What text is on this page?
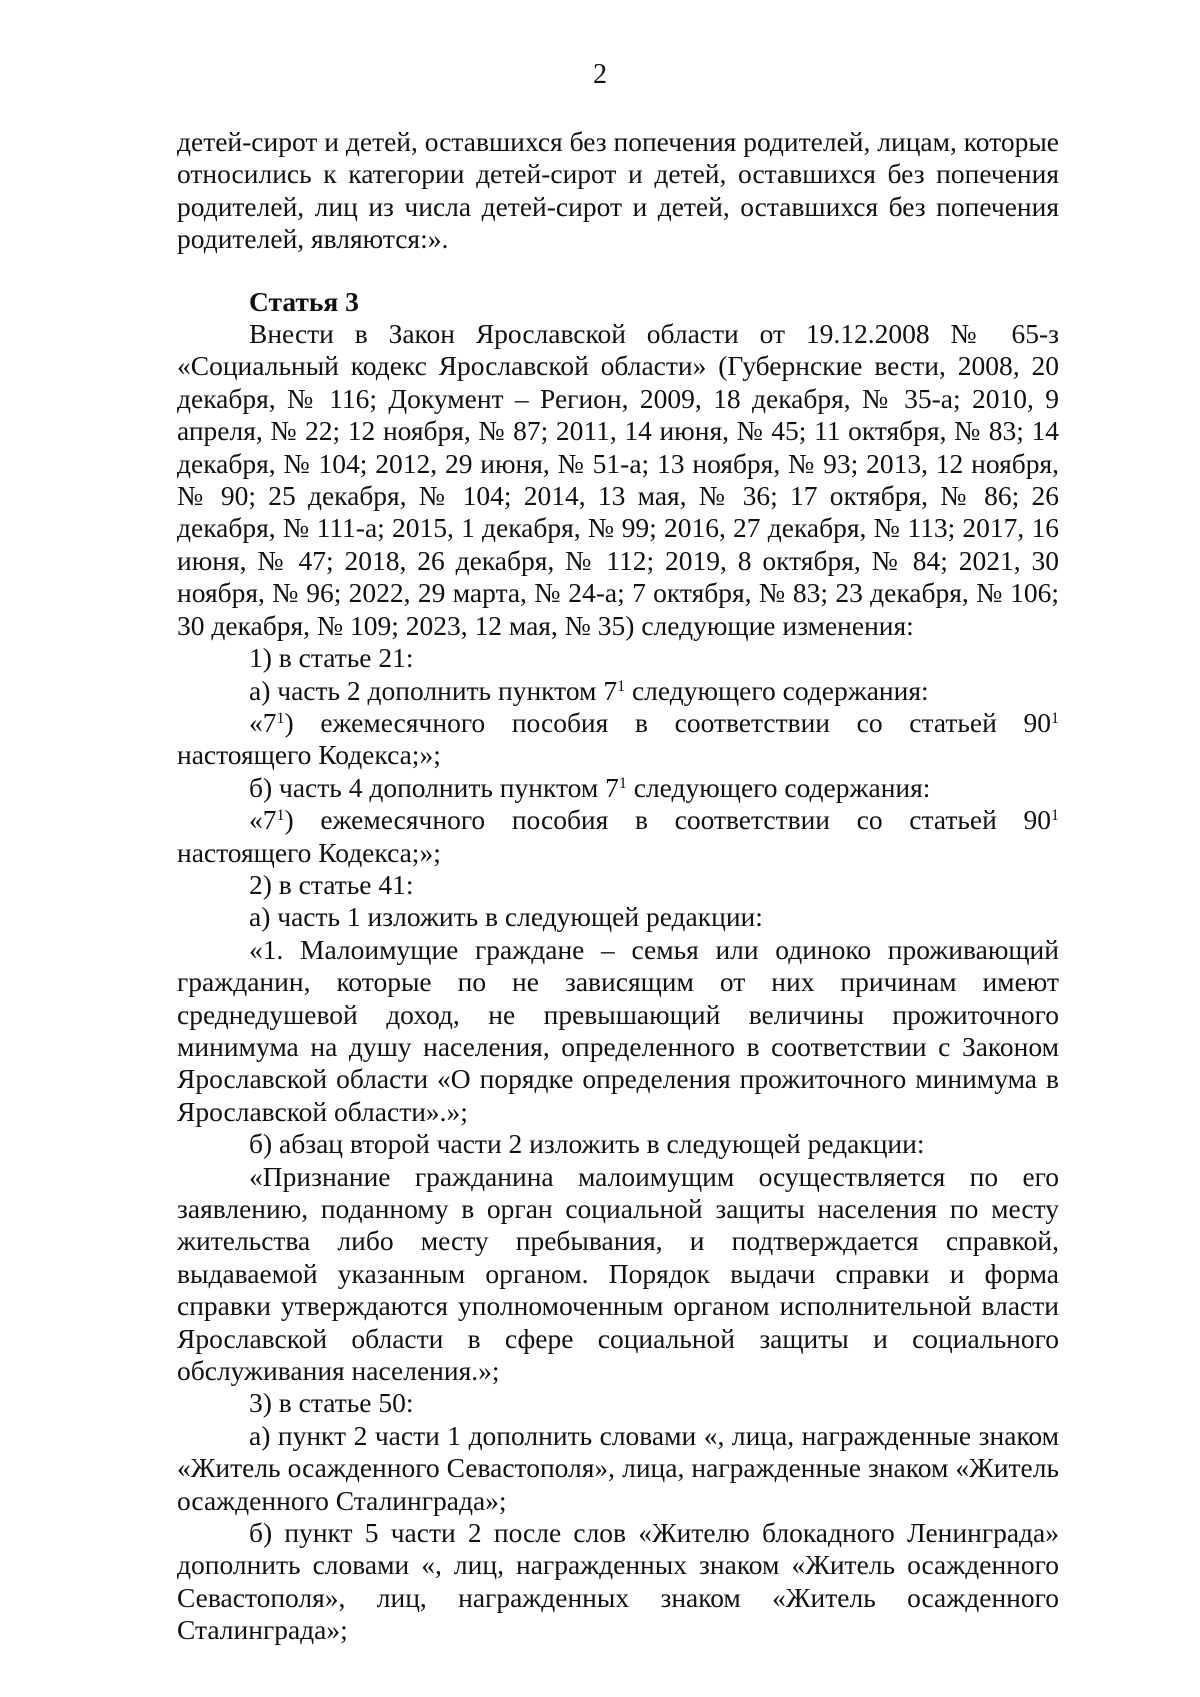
2

детей-сирот и детей, оставшихся без попечения родителей, лицам, которые относились к категории детей-сирот и детей, оставшихся без попечения родителей, лиц из числа детей-сирот и детей, оставшихся без попечения родителей, являются:».

Статья 3

Внести в Закон Ярославской области от 19.12.2008 № 65-з «Социальный кодекс Ярославской области» (Губернские вести, 2008, 20 декабря, № 116; Документ – Регион, 2009, 18 декабря, № 35-а; 2010, 9 апреля, № 22; 12 ноября, № 87; 2011, 14 июня, № 45; 11 октября, № 83; 14 декабря, № 104; 2012, 29 июня, № 51-а; 13 ноября, № 93; 2013, 12 ноября, № 90; 25 декабря, № 104; 2014, 13 мая, № 36; 17 октября, № 86; 26 декабря, № 111-а; 2015, 1 декабря, № 99; 2016, 27 декабря, № 113; 2017, 16 июня, № 47; 2018, 26 декабря, № 112; 2019, 8 октября, № 84; 2021, 30 ноября, № 96; 2022, 29 марта, № 24-а; 7 октября, № 83; 23 декабря, № 106; 30 декабря, № 109; 2023, 12 мая, № 35) следующие изменения:

1) в статье 21:

а) часть 2 дополнить пунктом $7^1$ следующего содержания:

«$7^1$) ежемесячного пособия в соответствии со статьей $90^1$ настоящего Кодекса;»;

б) часть 4 дополнить пунктом $7^1$ следующего содержания:

«$7^1$) ежемесячного пособия в соответствии со статьей $90^1$ настоящего Кодекса;»;

2) в статье 41:

а) часть 1 изложить в следующей редакции:

«1. Малоимущие граждане – семья или одиноко проживающий гражданин, которые по не зависящим от них причинам имеют среднедушевой доход, не превышающий величины прожиточного минимума на душу населения, определенного в соответствии с Законом Ярославской области «О порядке определения прожиточного минимума в Ярославской области».»;

б) абзац второй части 2 изложить в следующей редакции:

«Признание гражданина малоимущим осуществляется по его заявлению, поданному в орган социальной защиты населения по месту жительства либо месту пребывания, и подтверждается справкой, выдаваемой указанным органом. Порядок выдачи справки и форма справки утверждаются уполномоченным органом исполнительной власти Ярославской области в сфере социальной защиты и социального обслуживания населения.»;

3) в статье 50:

а) пункт 2 части 1 дополнить словами «, лица, награжденные знаком «Житель осажденного Севастополя», лица, награжденные знаком «Житель осажденного Сталинграда»;

б) пункт 5 части 2 после слов «Жителю блокадного Ленинграда» дополнить словами «, лиц, награжденных знаком «Житель осажденного Севастополя», лиц, награжденных знаком «Житель осажденного Сталинграда»;
